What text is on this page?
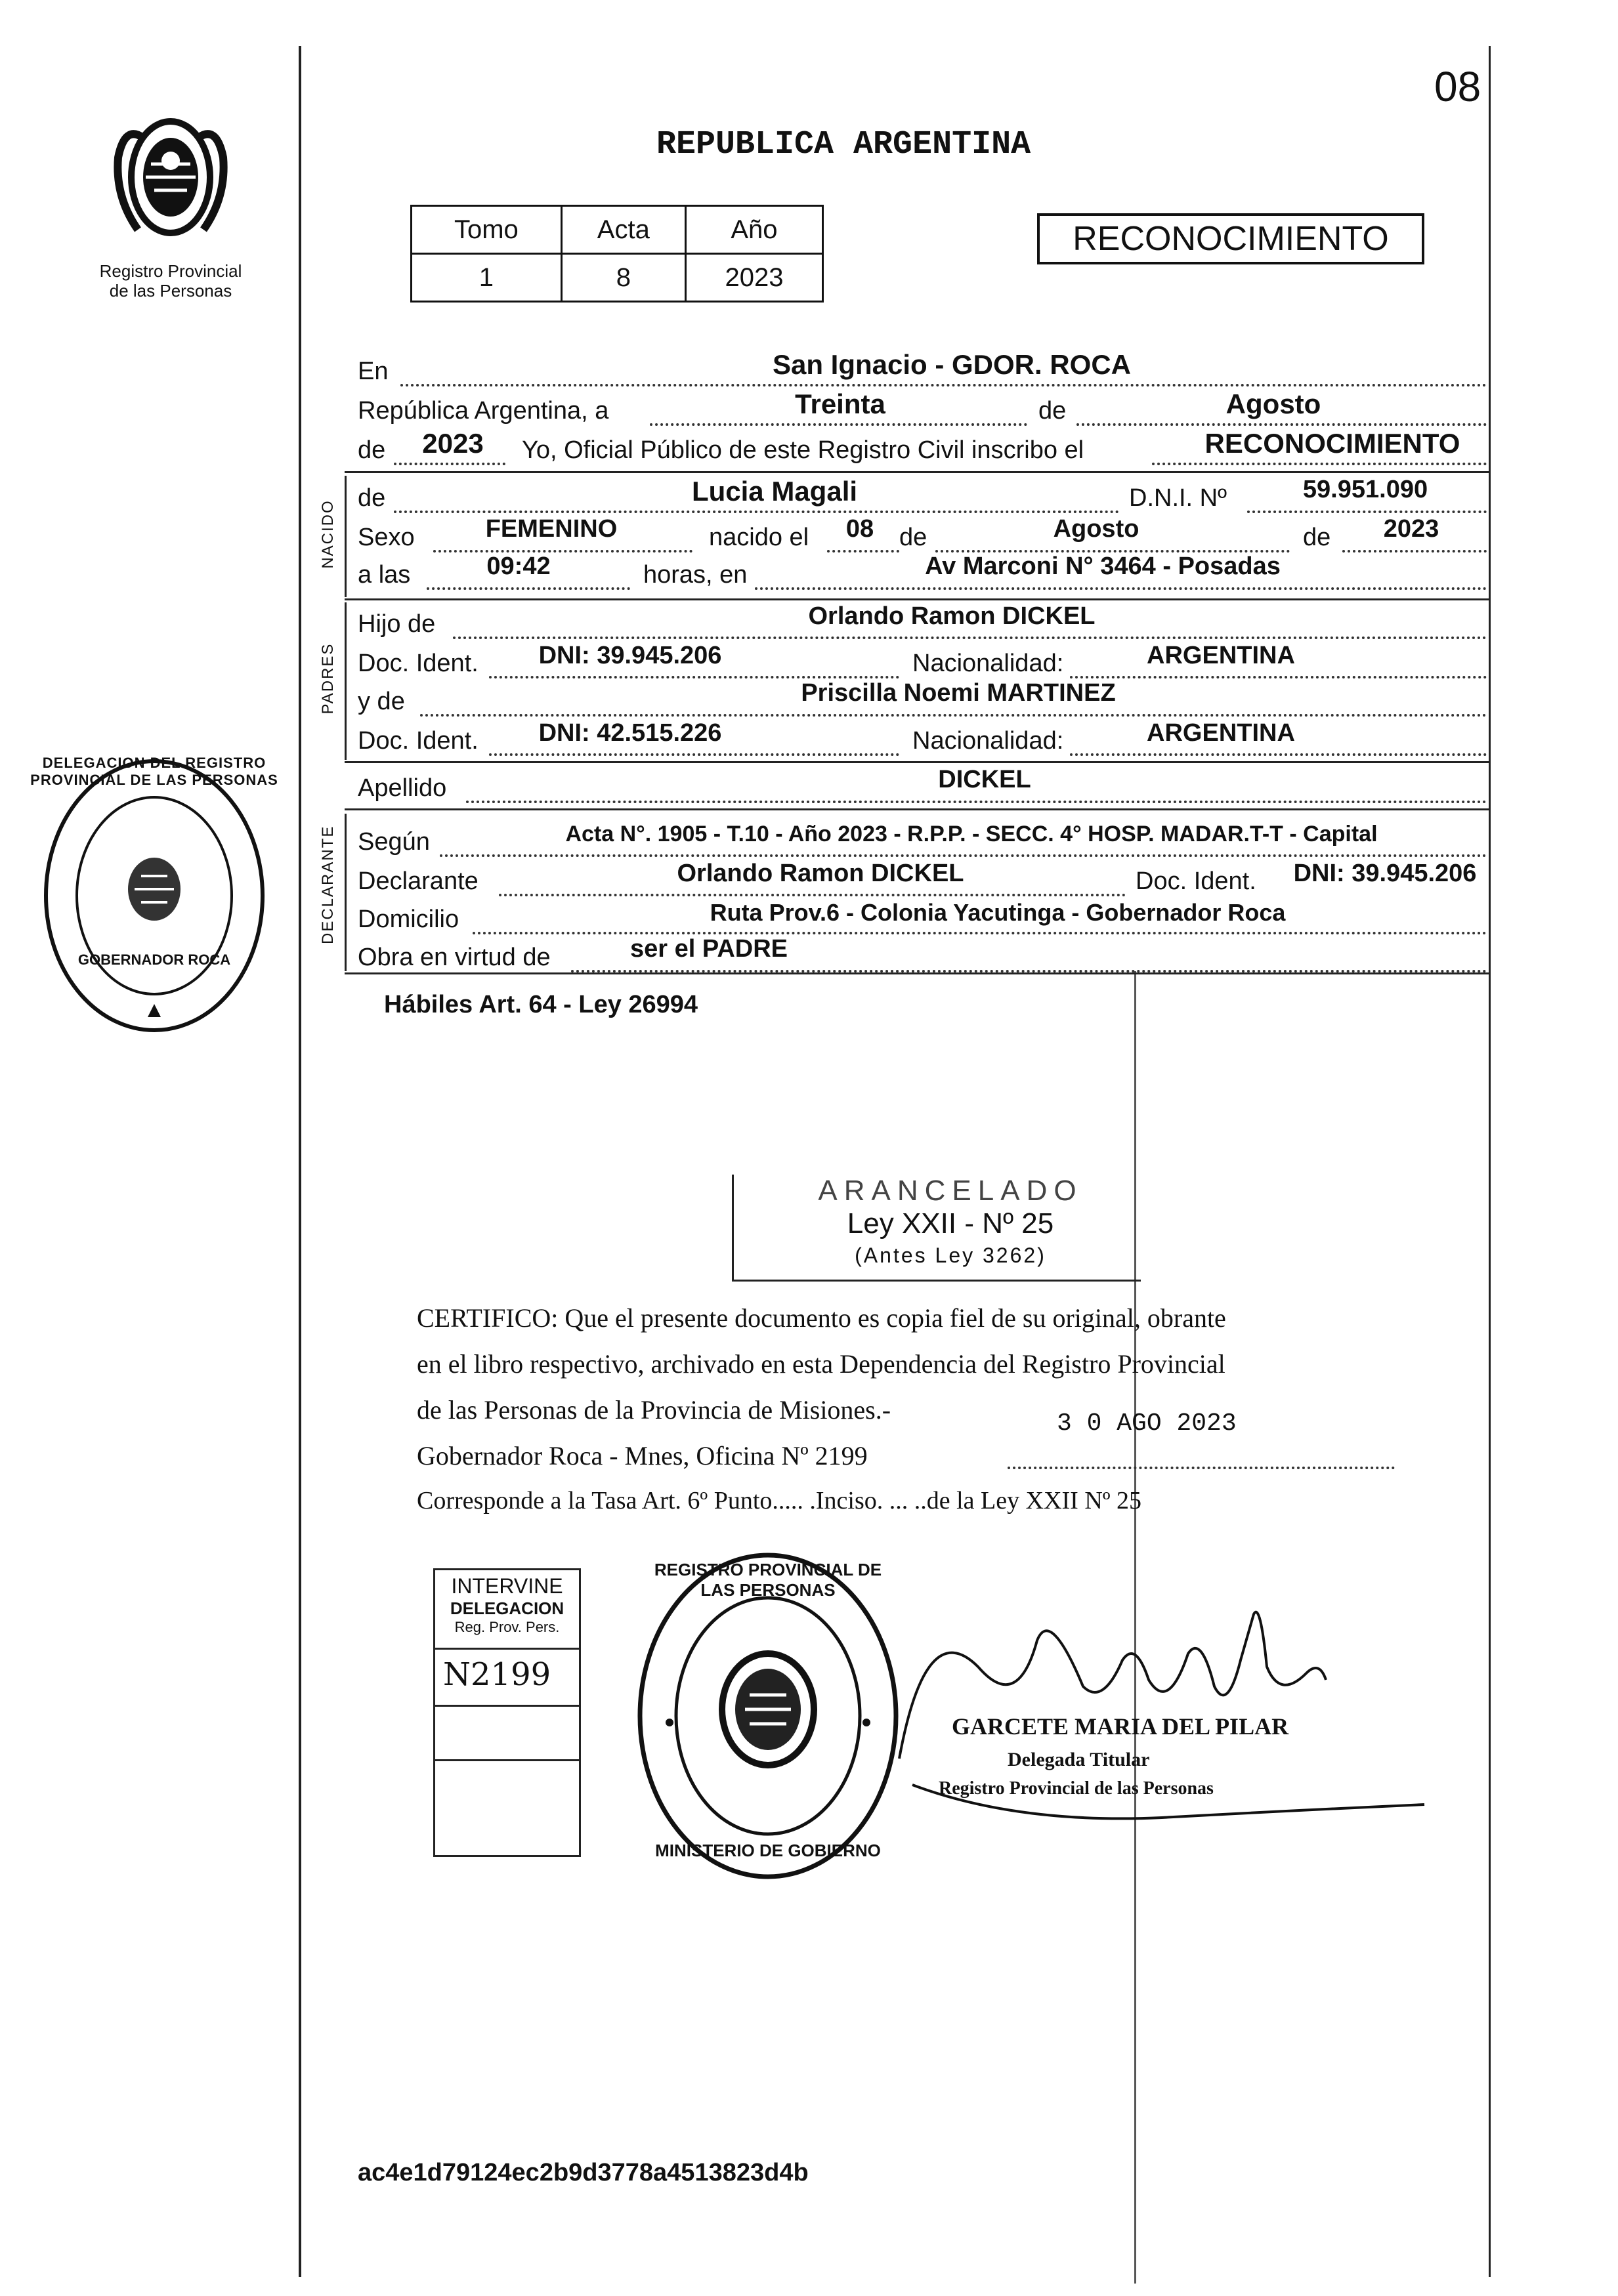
08
Registro Provincial
de las Personas
REPUBLICA ARGENTINA
Tomo	Acta	Año
1	8	2023
RECONOCIMIENTO
En	San Ignacio - GDOR. ROCA
República Argentina, a	Treinta	de	Agosto
de	2023	Yo, Oficial Público de este Registro Civil inscribo el	RECONOCIMIENTO
NACIDO
de	Lucia Magali	D.N.I. Nº	59.951.090
Sexo	FEMENINO	nacido el	08	de	Agosto	de	2023
a las	09:42	horas, en	Av Marconi N° 3464 - Posadas
PADRES
Hijo de	Orlando Ramon DICKEL
Doc. Ident.	DNI: 39.945.206	Nacionalidad:	ARGENTINA
y de	Priscilla Noemi MARTINEZ
Doc. Ident.	DNI: 42.515.226	Nacionalidad:	ARGENTINA
Apellido	DICKEL
DECLARANTE Según	Acta N°. 1905 - T.10 - Año 2023 - R.P.P. - SECC. 4° HOSP. MADAR.T-T - Capital
Declarante	Orlando Ramon DICKEL	Doc. Ident.	DNI: 39.945.206
Domicilio	Ruta Prov.6 - Colonia Yacutinga - Gobernador Roca
Obra en virtud de	ser el PADRE
Hábiles Art. 64 - Ley 26994
DELEGACION DEL REGISTRO PROVINCIAL DE LAS PERSONAS
GOBERNADOR ROCA
ARANCELADO
Ley XXII - Nº 25
(Antes Ley 3262)
CERTIFICO: Que el presente documento es copia fiel de su original, obrante
en el libro respectivo, archivado en esta Dependencia del Registro Provincial
de las Personas de la Provincia de Misiones.-	3 0 AGO 2023
Gobernador Roca - Mnes, Oficina Nº 2199
Corresponde a la Tasa Art. 6º Punto..... .Inciso. ... ..de la Ley XXII Nº 25
INTERVINE
DELEGACION
Reg. Prov. Pers.
N2199
REGISTRO PROVINCIAL DE LAS PERSONAS
MINISTERIO DE GOBIERNO
GARCETE MARIA DEL PILAR
Delegada Titular
Registro Provincial de las Personas
ac4e1d79124ec2b9d3778a4513823d4b
